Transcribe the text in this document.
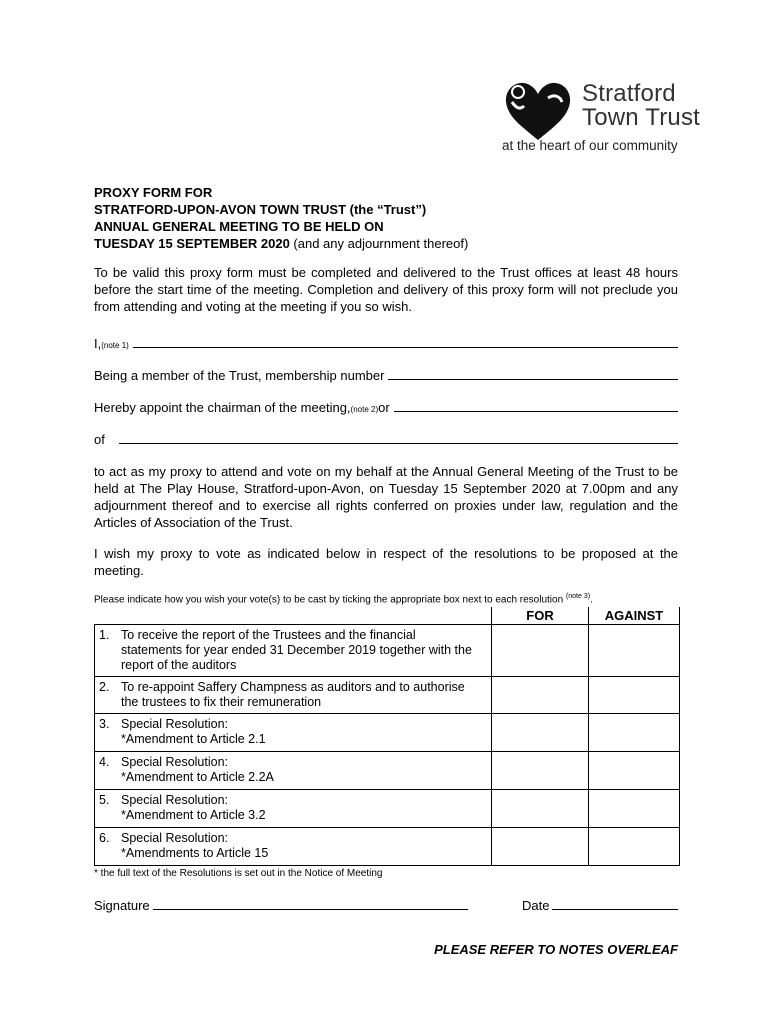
Stratford
Town Trust
at the heart of our community
PROXY FORM FOR
STRATFORD-UPON-AVON TOWN TRUST (the “Trust”)
ANNUAL GENERAL MEETING TO BE HELD ON
TUESDAY 15 SEPTEMBER 2020 (and any adjournment thereof)

To be valid this proxy form must be completed and delivered to the Trust offices at least 48 hours before the start time of the meeting. Completion and delivery of this proxy form will not preclude you from attending and voting at the meeting if you so wish.

I, (note 1)
Being a member of the Trust, membership number
Hereby appoint the chairman of the meeting, (note 2) or
of

to act as my proxy to attend and vote on my behalf at the Annual General Meeting of the Trust to be held at The Play House, Stratford-upon-Avon, on Tuesday 15 September 2020 at 7.00pm and any adjournment thereof and to exercise all rights conferred on proxies under law, regulation and the Articles of Association of the Trust.

I wish my proxy to vote as indicated below in respect of the resolutions to be proposed at the meeting.

Please indicate how you wish your vote(s) to be cast by ticking the appropriate box next to each resolution $^{(note 3)}$.
	FOR	AGAINST

1. To receive the report of the Trustees and the financial
statements for year ended 31 December 2019 together with the
report of the auditors		

2. To re-appoint Saffery Champness as auditors and to authorise
the trustees to fix their remuneration		

3. Special Resolution:
*Amendment to Article 2.1		

4. Special Resolution:
*Amendment to Article 2.2A		

5. Special Resolution:
*Amendment to Article 3.2		

6. Special Resolution:
*Amendments to Article 15		

* the full text of the Resolutions is set out in the Notice of Meeting
Signature	Date
PLEASE REFER TO NOTES OVERLEAF
